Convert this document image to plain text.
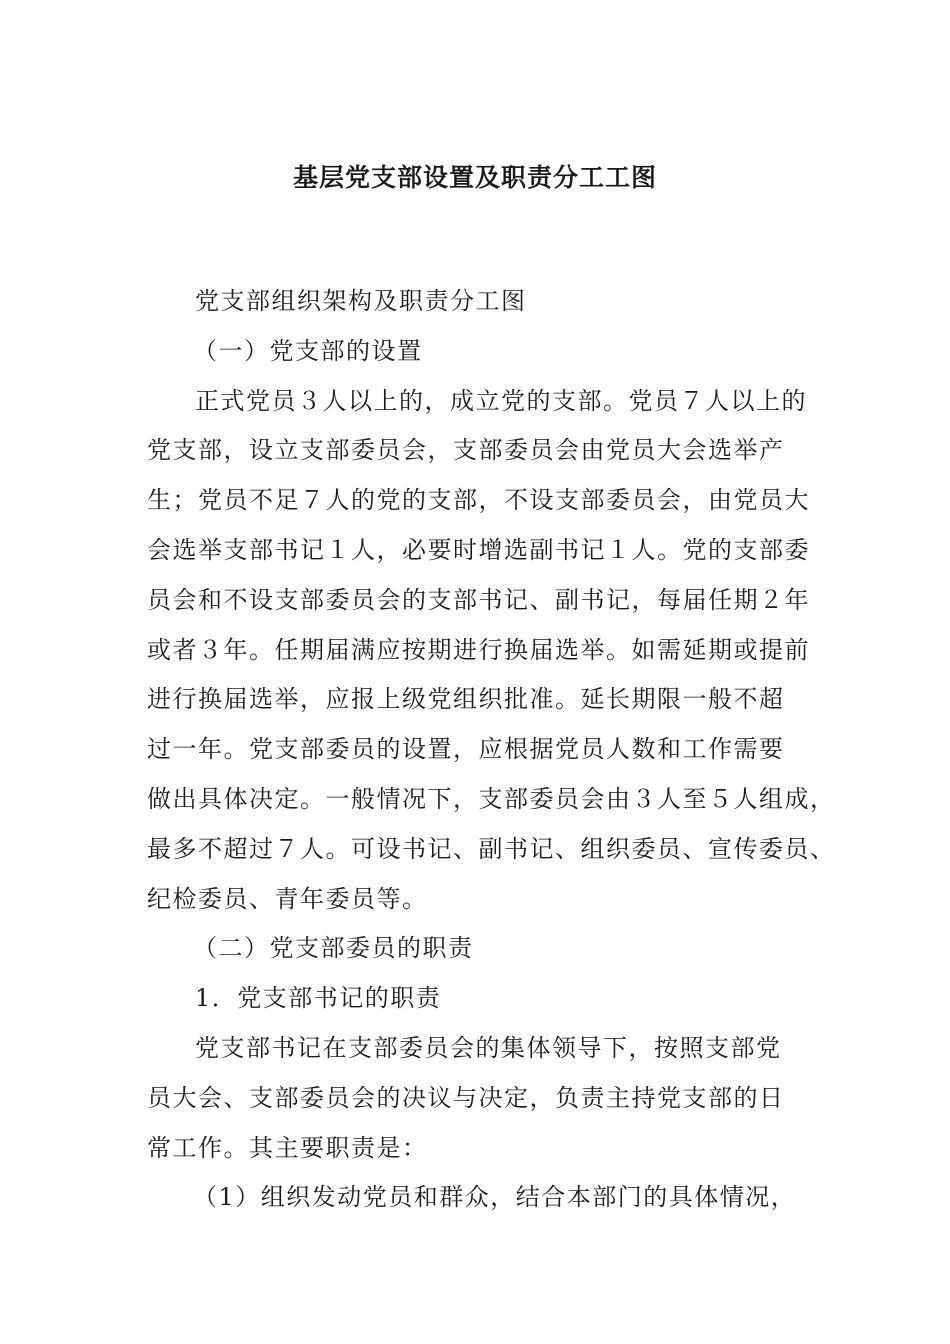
基层党支部设置及职责分工工图

党支部组织架构及职责分工图

（一）党支部的设置

正式党员３人以上的，成立党的支部。党员７人以上的

党支部，设立支部委员会，支部委员会由党员大会选举产

生；党员不足７人的党的支部，不设支部委员会，由党员大

会选举支部书记１人，必要时增选副书记１人。党的支部委

员会和不设支部委员会的支部书记、副书记，每届任期２年

或者３年。任期届满应按期进行换届选举。如需延期或提前

进行换届选举，应报上级党组织批准。延长期限一般不超

过一年。党支部委员的设置，应根据党员人数和工作需要

做出具体决定。一般情况下，支部委员会由３人至５人组成，

最多不超过７人。可设书记、副书记、组织委员、宣传委员、

纪检委员、青年委员等。

（二）党支部委员的职责

1．党支部书记的职责

党支部书记在支部委员会的集体领导下，按照支部党

员大会、支部委员会的决议与决定，负责主持党支部的日

常工作。其主要职责是：

（1）组织发动党员和群众，结合本部门的具体情况，
